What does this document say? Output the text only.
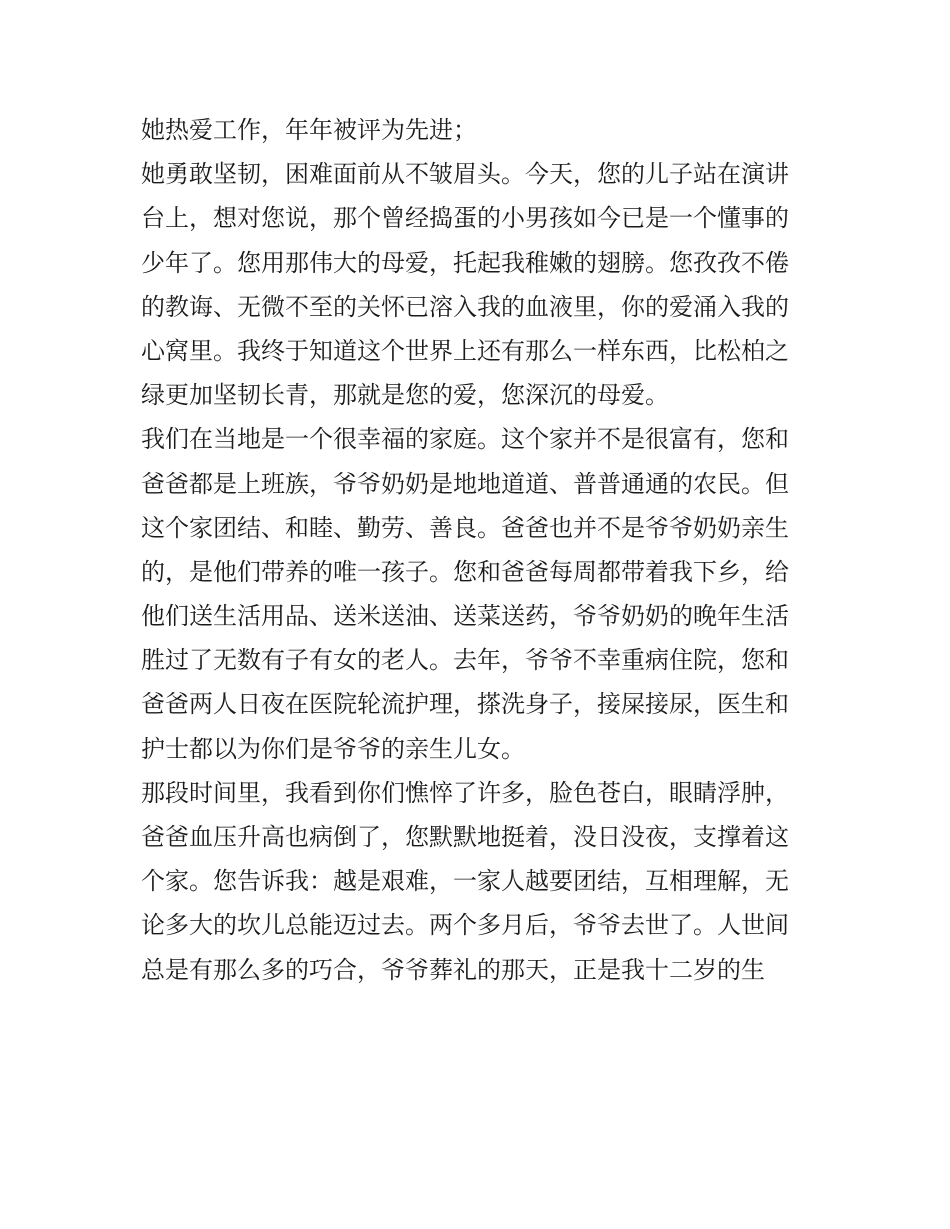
她热爱工作，年年被评为先进；
她勇敢坚韧，困难面前从不皱眉头。今天，您的儿子站在演讲
台上，想对您说，那个曾经捣蛋的小男孩如今已是一个懂事的
少年了。您用那伟大的母爱，托起我稚嫩的翅膀。您孜孜不倦
的教诲、无微不至的关怀已溶入我的血液里，你的爱涌入我的
心窝里。我终于知道这个世界上还有那么一样东西，比松柏之
绿更加坚韧长青，那就是您的爱，您深沉的母爱。
我们在当地是一个很幸福的家庭。这个家并不是很富有，您和
爸爸都是上班族，爷爷奶奶是地地道道、普普通通的农民。但
这个家团结、和睦、勤劳、善良。爸爸也并不是爷爷奶奶亲生
的，是他们带养的唯一孩子。您和爸爸每周都带着我下乡，给
他们送生活用品、送米送油、送菜送药，爷爷奶奶的晚年生活
胜过了无数有子有女的老人。去年，爷爷不幸重病住院，您和
爸爸两人日夜在医院轮流护理，搽洗身子，接屎接尿，医生和
护士都以为你们是爷爷的亲生儿女。
那段时间里，我看到你们憔悴了许多，脸色苍白，眼睛浮肿，
爸爸血压升高也病倒了，您默默地挺着，没日没夜，支撑着这
个家。您告诉我：越是艰难，一家人越要团结，互相理解，无
论多大的坎儿总能迈过去。两个多月后，爷爷去世了。人世间
总是有那么多的巧合，爷爷葬礼的那天，正是我十二岁的生
